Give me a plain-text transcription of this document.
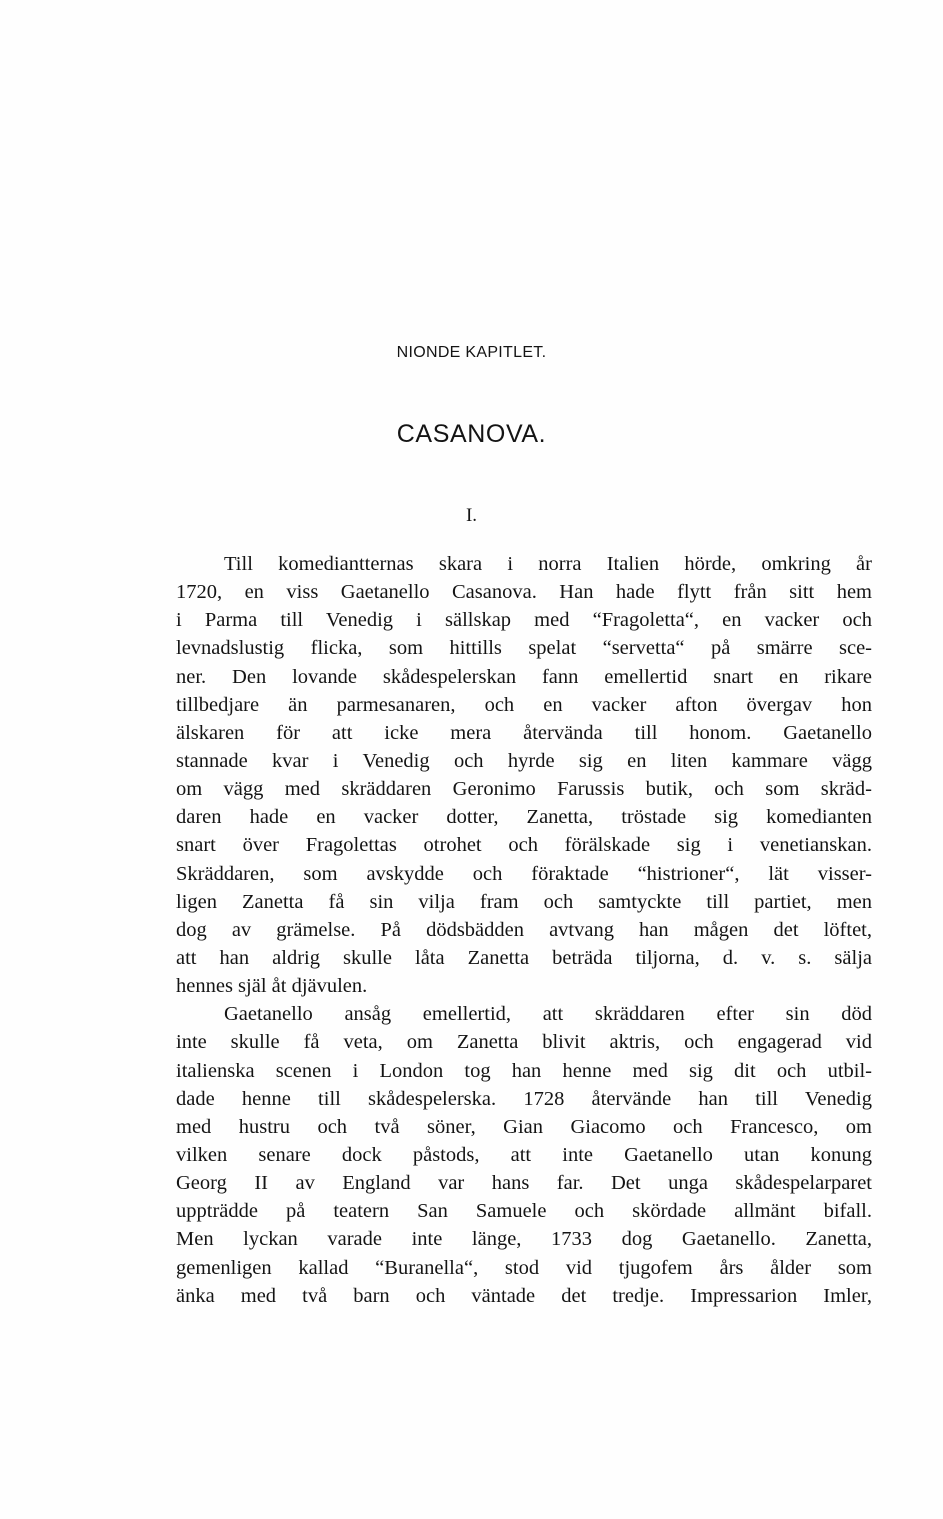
NIONDE KAPITLET.
CASANOVA.
I.
Till komediantternas skara i norra Italien hörde, omkring år
1720, en viss Gaetanello Casanova. Han hade flytt från sitt hem
i Parma till Venedig i sällskap med “Fragoletta“, en vacker och
levnadslustig flicka, som hittills spelat “servetta“ på smärre sce-
ner. Den lovande skådespelerskan fann emellertid snart en rikare
tillbedjare än parmesanaren, och en vacker afton övergav hon
älskaren för att icke mera återvända till honom. Gaetanello
stannade kvar i Venedig och hyrde sig en liten kammare vägg
om vägg med skräddaren Geronimo Farussis butik, och som skräd-
daren hade en vacker dotter, Zanetta, tröstade sig komedianten
snart över Fragolettas otrohet och förälskade sig i venetianskan.
Skräddaren, som avskydde och föraktade “histrioner“, lät visser-
ligen Zanetta få sin vilja fram och samtyckte till partiet, men
dog av grämelse. På dödsbädden avtvang han mågen det löftet,
att han aldrig skulle låta Zanetta beträda tiljorna, d. v. s. sälja
hennes själ åt djävulen.
Gaetanello ansåg emellertid, att skräddaren efter sin död
inte skulle få veta, om Zanetta blivit aktris, och engagerad vid
italienska scenen i London tog han henne med sig dit och utbil-
dade henne till skådespelerska. 1728 återvände han till Venedig
med hustru och två söner, Gian Giacomo och Francesco, om
vilken senare dock påstods, att inte Gaetanello utan konung
Georg II av England var hans far. Det unga skådespelarparet
uppträdde på teatern San Samuele och skördade allmänt bifall.
Men lyckan varade inte länge, 1733 dog Gaetanello. Zanetta,
gemenligen kallad “Buranella“, stod vid tjugofem års ålder som
änka med två barn och väntade det tredje. Impressarion Imler,
